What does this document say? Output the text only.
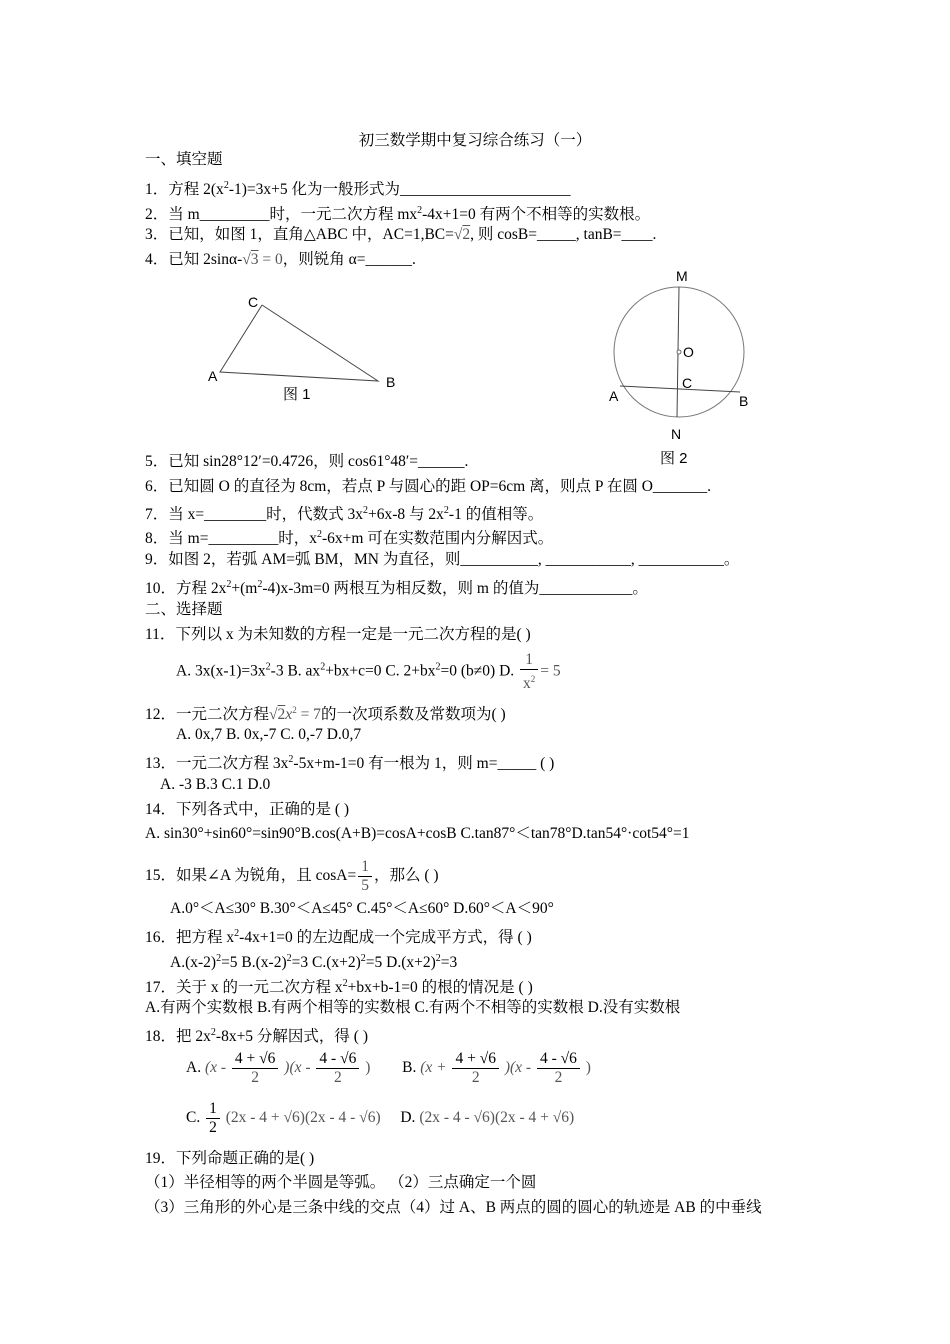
初三数学期中复习综合练习（一）
一、填空题
1．方程 $2(x^2-1)=3x+5$ 化为一般形式为______________________
2．当 m_________时，一元二次方程 $mx^2-4x+1=0$ 有两个不相等的实数根。
3．已知，如图 1，直角△ABC 中，AC=1,BC=√2, 则 cosB=_____, tanB=____.
4．已知 2sinα-√3 = 0，则锐角 α=______.
C
A	B
图 1
M
O
C
A	B
N
图 2
5．已知 sin28°12′=0.4726，则 cos61°48′=______.
6．已知圆 O 的直径为 8cm，若点 P 与圆心的距 OP=6cm 离，则点 P 在圆 O_______.
7．当 x=________时，代数式 $3x^2+6x-8$ 与 $2x^2-1$ 的值相等。
8．当 m=_________时，$x^2-6x+m$ 可在实数范围内分解因式。
9．如图 2，若弧 AM=弧 BM，MN 为直径，则__________, ___________, ___________。
10．方程 $2x^2+(m^2-4)x-3m=0$ 两根互为相反数，则 m 的值为____________。
二、选择题
11．下列以 x 为未知数的方程一定是一元二次方程的是( )
A. $3x(x-1)=3x^2-3$ B. $ax^2+bx+c=0$ C. $2+bx^2=0$ (b≠0) D. $\frac{1}{x^2} = 5$
12．一元二次方程$√2x^2 = 7$的一次项系数及常数项为( )
A. 0x,7 B. 0x,-7 C. 0,-7 D.0,7
13．一元二次方程 $3x^2-5x+m-1=0$ 有一根为 1，则 m=_____ ( )
A. -3 B.3 C.1 D.0
14．下列各式中，正确的是 ( )
A. sin30°+sin60°=sin90°B.cos(A+B)=cosA+cosB C.tan87°＜tan78°D.tan54°·cot54°=1
15．如果∠A 为锐角，且 $\cos A= \frac{1}{5}$ ，那么 ( )
A.0°＜A≤30° B.30°＜A≤45° C.45°＜A≤60° D.60°＜A＜90°
16．把方程 $x^2-4x+1=0$ 的左边配成一个完成平方式，得 ( )
$A.(x-2)^2=5$ $B.(x-2)^2=3$ $C.(x+2)^2=5$ $D.(x+2)^2=3$
17．关于 x 的一元二次方程 $x^2+bx+b-1=0$ 的根的情况是 ( )
A.有两个实数根 B.有两个相等的实数根 C.有两个不相等的实数根 D.没有实数根
18．把 $2x^2-8x+5$ 分解因式，得 ( )
A. $(x - \frac{4 + √6}{2} )(x - \frac{4 - √6}{2}$ ) B. $(x + \frac{4 + √6}{2} )(x - \frac{4 - √6}{2}$ )
C. $\frac{1}{2} (2x - 4 + √6)(2x - 4 - √6)$ D. (2x - 4 - √6)(2x - 4 + √6)
19．下列命题正确的是( )
（1）半径相等的两个半圆是等弧。 （2）三点确定一个圆
（3）三角形的外心是三条中线的交点（4）过 A、B 两点的圆的圆心的轨迹是 AB 的中垂线
